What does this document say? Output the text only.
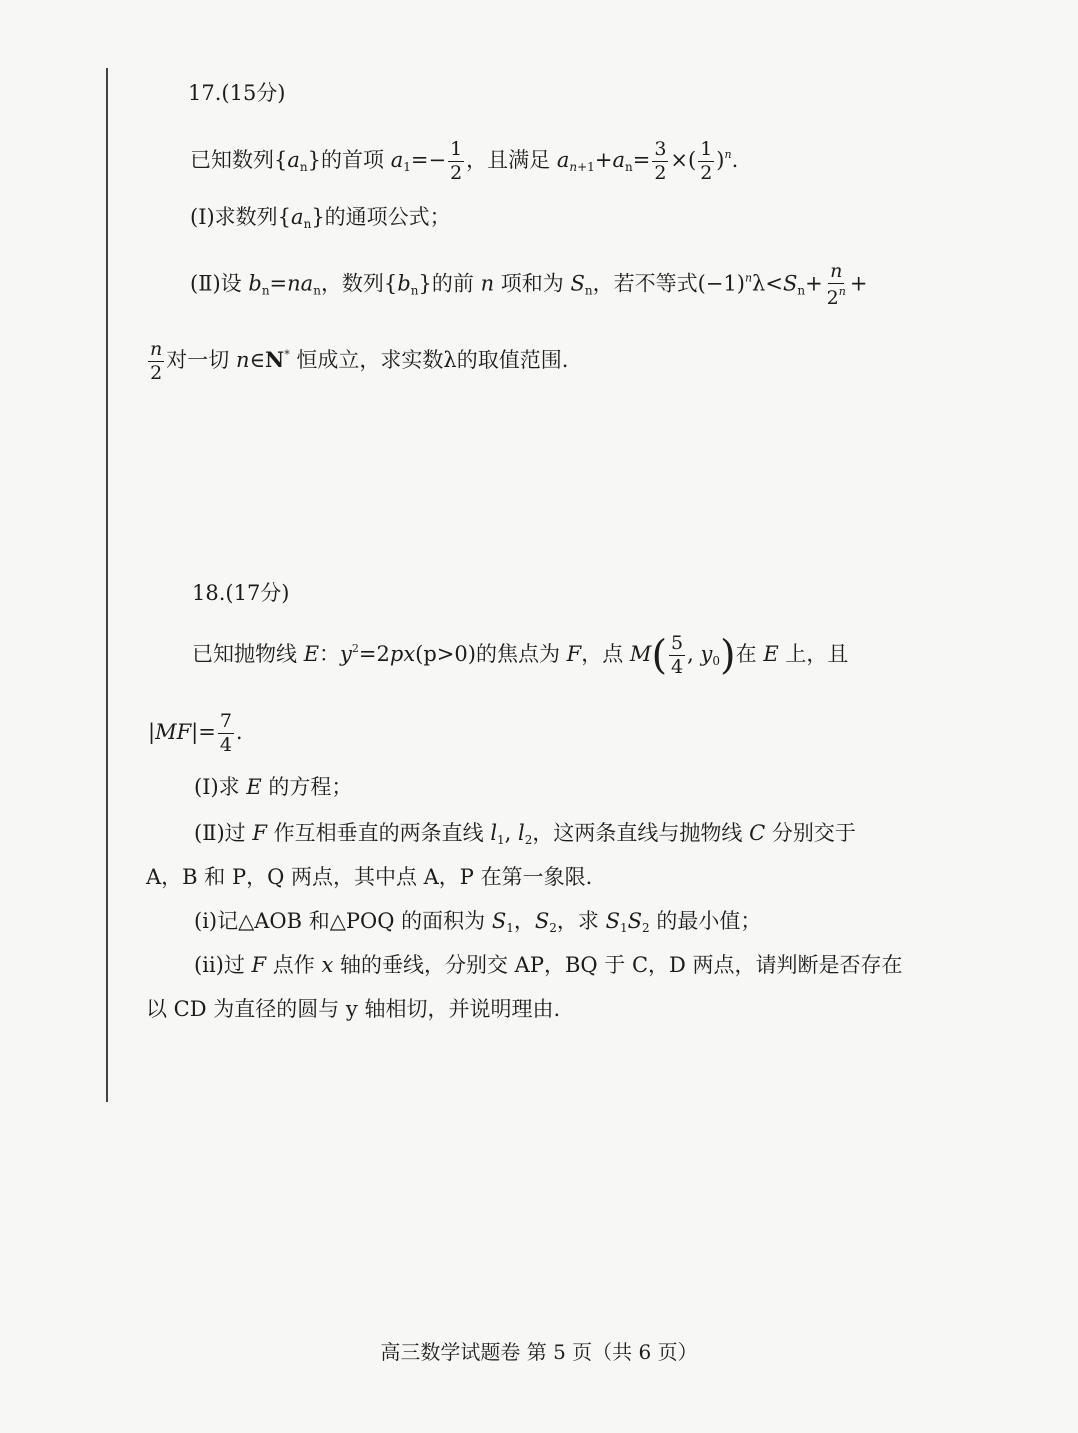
17.(15分)
已知数列$\{a_n\}$的首项 $a_1=- \frac{1}{2}$ ，且满足 $a_{n+1}+a_n= \frac{3}{2}$ ×( $\frac{1}{2} )^n$.
(Ⅰ)求数列$\{a_n\}$的通项公式；
(Ⅱ)设 $b_n=na_n$，数列$\{b_n\}$的前 n 项和为 $S_n$，若不等式$(-1)^n\lambda<S_n+ \frac{n}{2^n}$ +
$\frac{n}{2}$ 对一切 n∈N* 恒成立，求实数λ的取值范围.
18.(17分)
已知抛物线 E：$y^2=2px(p>0)$的焦点为 F，点 $M( \frac{5}{4}$ , $y_0$)在 E 上，且
$|MF|= \frac{7}{4}$ .
(Ⅰ)求 E 的方程；
(Ⅱ)过 F 作互相垂直的两条直线 $l_1$, $l_2$，这两条直线与抛物线 C 分别交于
A，B 和 P，Q 两点，其中点 A，P 在第一象限.
(ⅰ)记△AOB 和△POQ 的面积为 $S_1$，$S_2$，求 $S_1S_2$ 的最小值；
(ⅱ)过 F 点作 x 轴的垂线，分别交 AP，BQ 于 C，D 两点，请判断是否存在
以 CD 为直径的圆与 y 轴相切，并说明理由.
高三数学试题卷 第 5 页（共 6 页）
